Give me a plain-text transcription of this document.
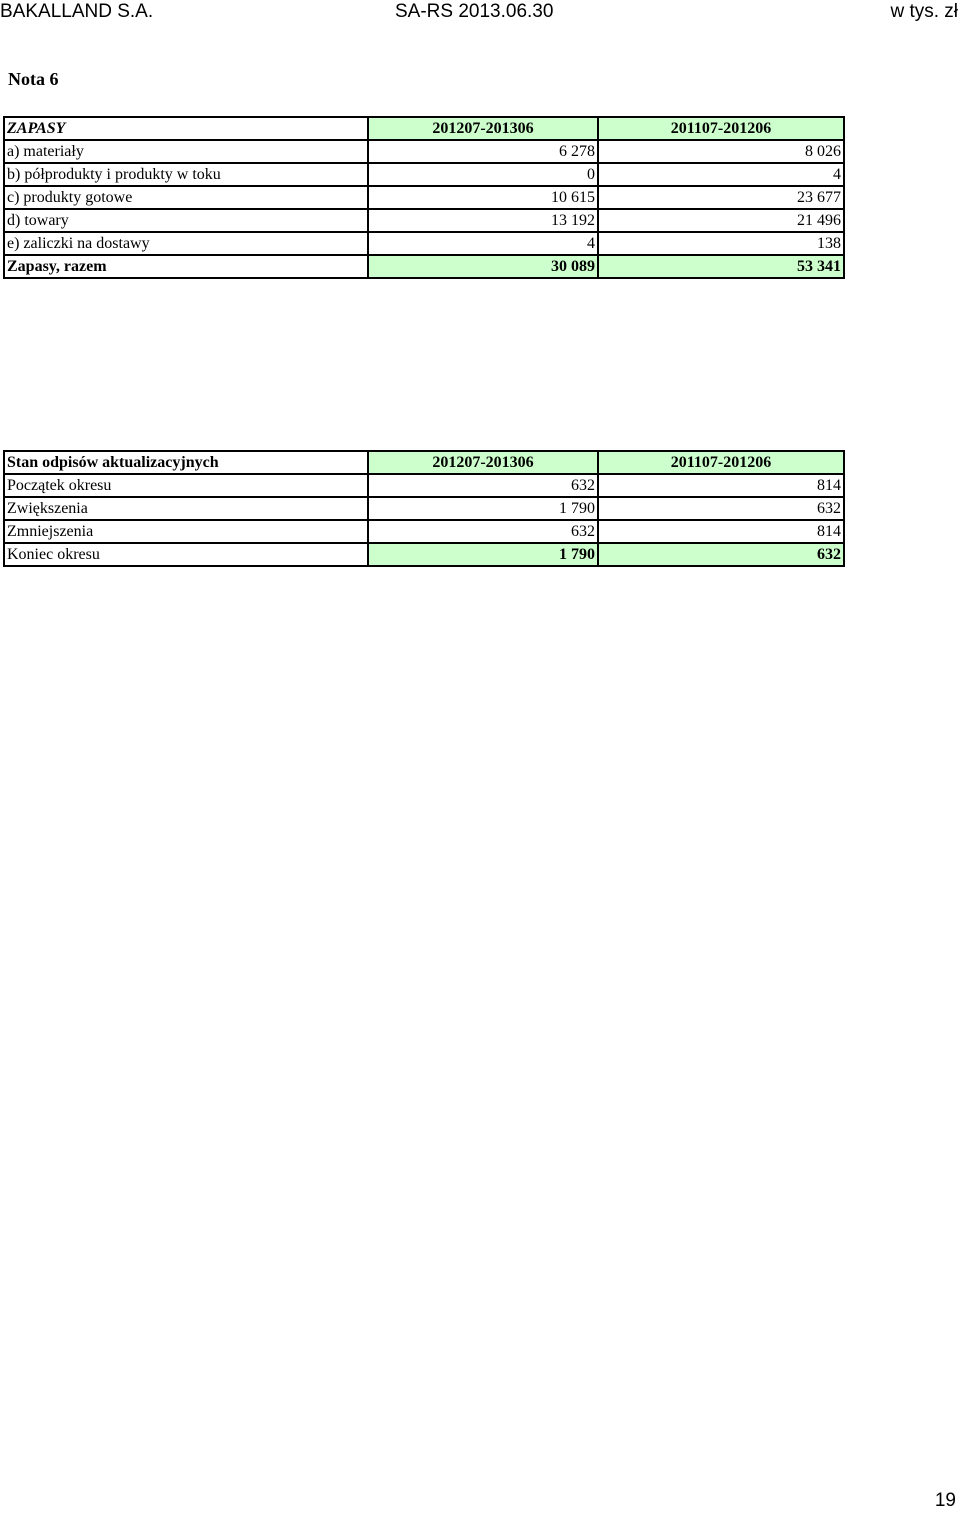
BAKALLAND S.A.	SA-RS 2013.06.30	w tys. zł
Nota 6
ZAPASY	201207-201306	201107-201206
a) materiały	6 278	8 026
b) półprodukty i produkty w toku	0	4
c) produkty gotowe	10 615	23 677
d) towary	13 192	21 496
e) zaliczki na dostawy	4	138
Zapasy, razem	30 089	53 341
Stan odpisów aktualizacyjnych	201207-201306	201107-201206
Początek okresu	632	814
Zwiększenia	1 790	632
Zmniejszenia	632	814
Koniec okresu	1 790	632
19
